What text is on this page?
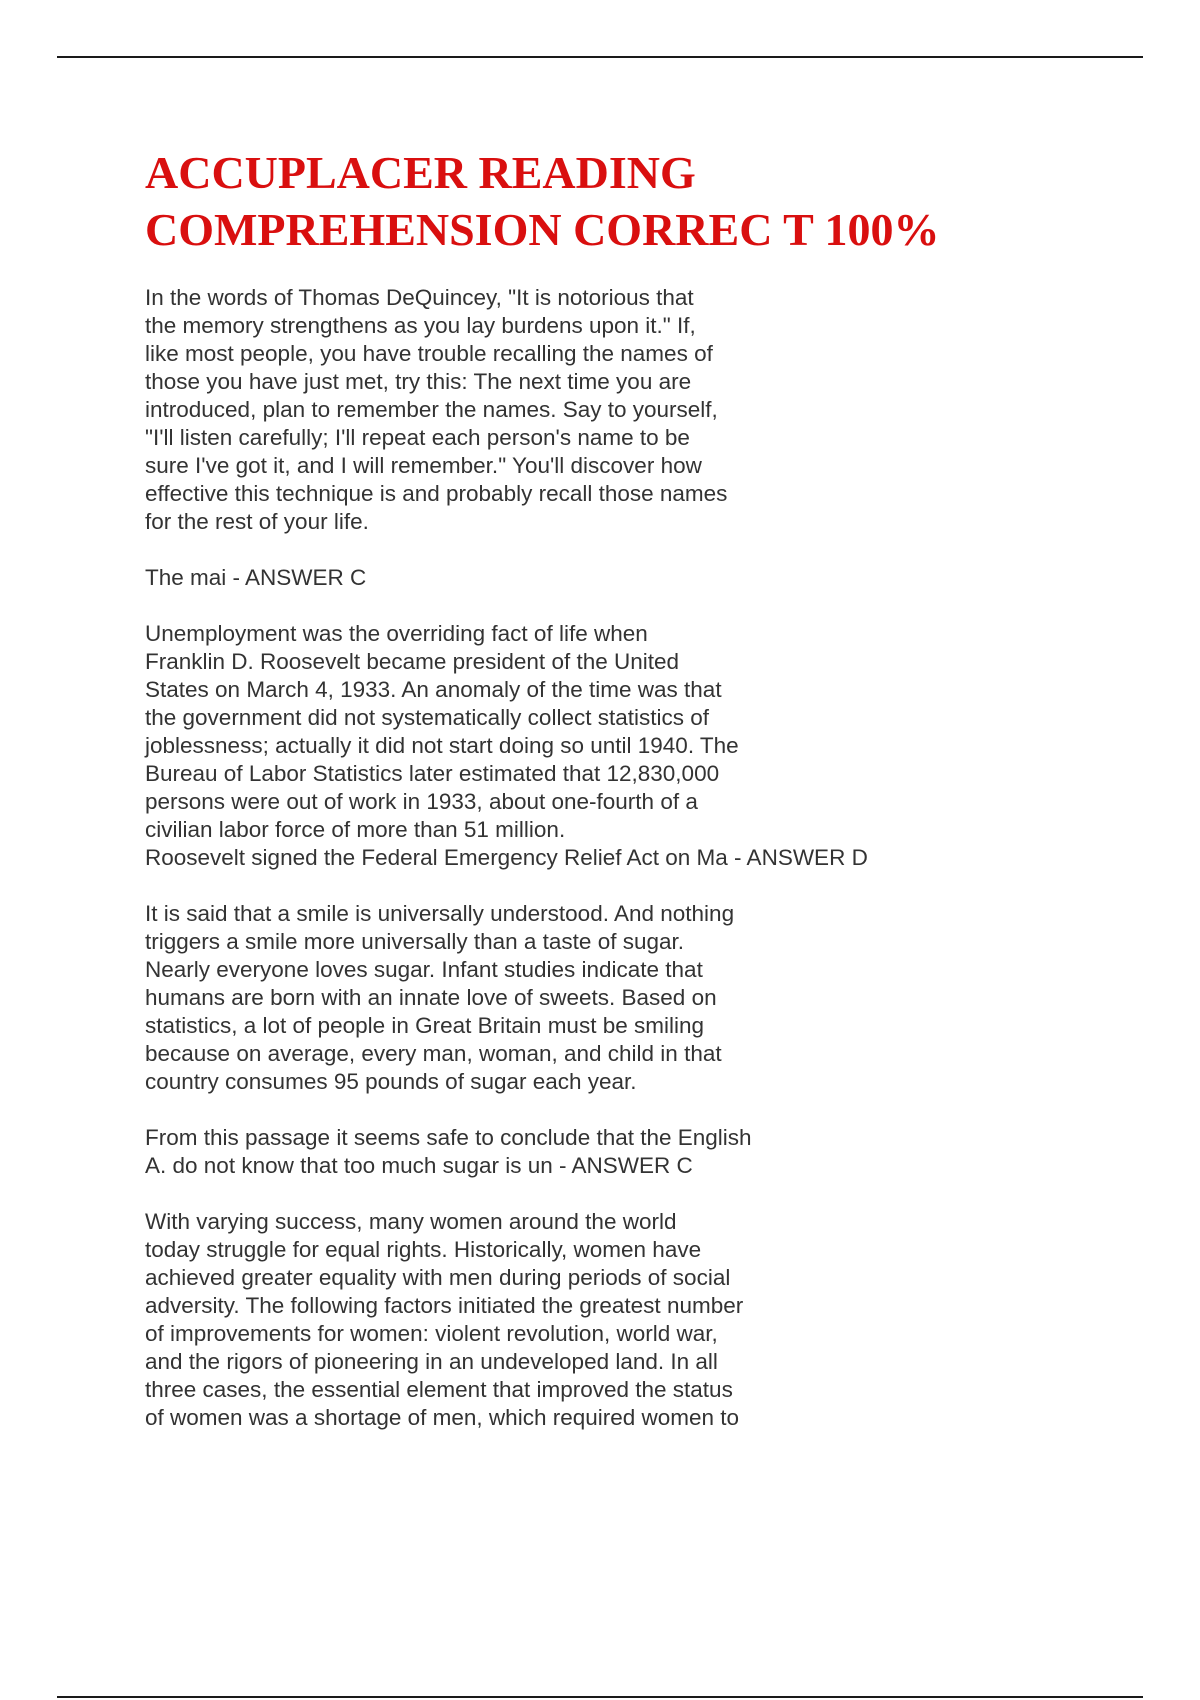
ACCUPLACER READING
COMPREHENSION CORREC T 100%

In the words of Thomas DeQuincey, "It is notorious that
the memory strengthens as you lay burdens upon it." If,
like most people, you have trouble recalling the names of
those you have just met, try this: The next time you are
introduced, plan to remember the names. Say to yourself,
"I'll listen carefully; I'll repeat each person's name to be
sure I've got it, and I will remember." You'll discover how
effective this technique is and probably recall those names
for the rest of your life.

The mai - ANSWER C

Unemployment was the overriding fact of life when
Franklin D. Roosevelt became president of the United
States on March 4, 1933. An anomaly of the time was that
the government did not systematically collect statistics of
joblessness; actually it did not start doing so until 1940. The
Bureau of Labor Statistics later estimated that 12,830,000
persons were out of work in 1933, about one-fourth of a
civilian labor force of more than 51 million.
Roosevelt signed the Federal Emergency Relief Act on Ma - ANSWER D

It is said that a smile is universally understood. And nothing
triggers a smile more universally than a taste of sugar.
Nearly everyone loves sugar. Infant studies indicate that
humans are born with an innate love of sweets. Based on
statistics, a lot of people in Great Britain must be smiling
because on average, every man, woman, and child in that
country consumes 95 pounds of sugar each year.

From this passage it seems safe to conclude that the English
A. do not know that too much sugar is un - ANSWER C

With varying success, many women around the world
today struggle for equal rights. Historically, women have
achieved greater equality with men during periods of social
adversity. The following factors initiated the greatest number
of improvements for women: violent revolution, world war,
and the rigors of pioneering in an undeveloped land. In all
three cases, the essential element that improved the status
of women was a shortage of men, which required women to
